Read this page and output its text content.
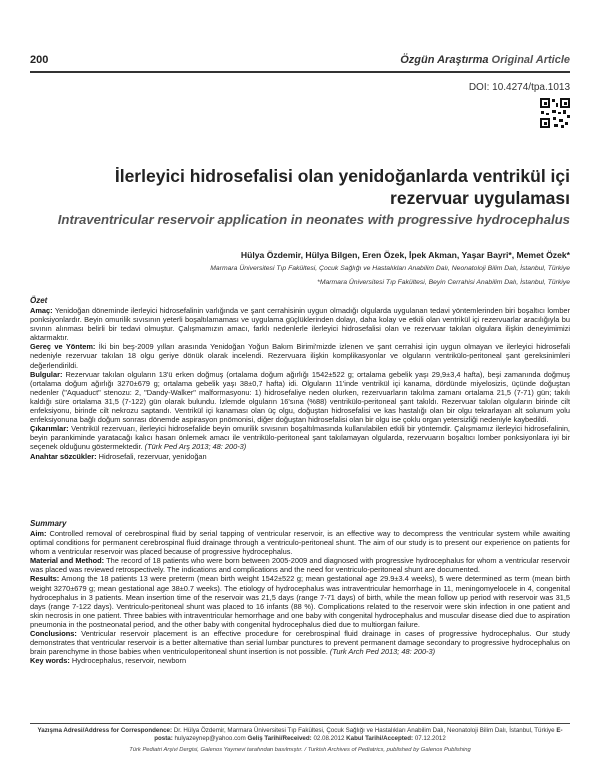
200	Özgün Araştırma Original Article
DOI: 10.4274/tpa.1013
İlerleyici hidrosefalisi olan yenidoğanlarda ventrikül içi rezervuar uygulaması
Intraventricular reservoir application in neonates with progressive hydrocephalus
Hülya Özdemir, Hülya Bilgen, Eren Özek, İpek Akman, Yaşar Bayri*, Memet Özek*
Marmara Üniversitesi Tıp Fakültesi, Çocuk Sağlığı ve Hastalıkları Anabilim Dalı, Neonatoloji Bilim Dalı, İstanbul, Türkiye
*Marmara Üniversitesi Tıp Fakültesi, Beyin Cerrahisi Anabilim Dalı, İstanbul, Türkiye
Özet
Amaç: Yenidoğan döneminde ilerleyici hidrosefalinin varlığında ve şant cerrahisinin uygun olmadığı olgularda uygulanan tedavi yöntemlerinden biri boşaltıcı lomber ponksiyonlardır. Beyin omurilik sıvısının yeterli boşaltılamaması ve uygulama güçlüklerinden dolayı, daha kolay ve etkili olan ventrikül içi rezervuarlar aracılığıyla bu sıvının alınması belirli bir tedavi olmuştur. Çalışmamızın amacı, farklı nedenlerle ilerleyici hidrosefalisi olan ve rezervuar takılan olgulara ilişkin deneyimimizi aktarmaktır.
Gereç ve Yöntem: İki bin beş-2009 yılları arasında Yenidoğan Yoğun Bakım Birimi'mizde izlenen ve şant cerrahisi için uygun olmayan ve ilerleyici hidrosefali nedeniyle rezervuar takılan 18 olgu geriye dönük olarak incelendi. Rezervuara ilişkin komplikasyonlar ve olguların ventrikülo-peritoneal şant gereksinimleri değerlendirildi.
Bulgular: Rezervuar takılan olguların 13'ü erken doğmuş (ortalama doğum ağırlığı 1542±522 g; ortalama gebelik yaşı 29,9±3,4 hafta), beşi zamanında doğmuş (ortalama doğum ağırlığı 3270±679 g; ortalama gebelik yaşı 38±0,7 hafta) idi. Olguların 11'inde ventrikül içi kanama, dördünde miyelosizis, üçünde doğuştan nedenler ("Aquaduct" stenozu: 2, "Dandy-Walker" malformasyonu: 1) hidrosefaliye neden olurken, rezervuarların takılma zamanı ortalama 21,5 (7-71) gün; takılı kaldığı süre ortalama 31,5 (7-122) gün olarak bulundu. İzlemde olguların 16'sına (%88) ventrikülo-peritoneal şant takıldı. Rezervuar takılan olguların birinde cilt enfeksiyonu, birinde cilt nekrozu saptandı. Ventrikül içi kanaması olan üç olgu, doğuştan hidrosefalisi ve kas hastalığı olan bir olgu tekrarlayan alt solunum yolu enfeksiyonuna bağlı doğum sonrası dönemde aspirasyon pnömonisi, diğer doğuştan hidrosefalisi olan bir olgu ise çoklu organ yetersizliği nedeniyle kaybedildi.
Çıkarımlar: Ventrikül rezervuarı, ilerleyici hidrosefalide beyin omurilik sıvısının boşaltılmasında kullanılabilen etkili bir yöntemdir. Çalışmamız ilerleyici hidrosefalinin, beyin parankiminde yaratacağı kalıcı hasarı önlemek amacı ile ventrikülo-peritoneal şant takılamayan olgularda, rezervuarın boşaltıcı lomber ponksiyonlara iyi bir seçenek olduğunu göstermektedir. (Türk Ped Arş 2013; 48: 200-3)
Anahtar sözcükler: Hidrosefali, rezervuar, yenidoğan
Summary
Aim: Controlled removal of cerebrospinal fluid by serial tapping of ventricular reservoir, is an effective way to decompress the ventricular system while awaiting optimal conditions for permanent cerebrospinal fluid drainage through a ventriculo-peritoneal shunt. The aim of our study is to present our experience on patients for whom a ventricular reservoir was placed because of progressive hydrocephalus.
Material and Method: The record of 18 patients who were born between 2005-2009 and diagnosed with progressive hydrocephalus for whom a ventricular reservoir was placed was reviewed retrospectively. The indications and complications and the need for ventriculo-peritoneal shunt are documented.
Results: Among the 18 patients 13 were preterm (mean birth weight 1542±522 g; mean gestational age 29.9±3.4 weeks), 5 were determined as term (mean birth weight 3270±679 g; mean gestational age 38±0.7 weeks). The etiology of hydrocephalus was intraventricular hemorrhage in 11, meningomyelocele in 4, congenital hydrocephalus in 3 patients. Mean insertion time of the reservoir was 21,5 days (range 7-71 days) of birth, while the mean follow up period with reservoir was 31,5 days (range 7-122 days). Ventriculo-peritoneal shunt was placed to 16 infants (88 %). Complications related to the reservoir were skin infection in one patient and skin necrosis in one patient. Three babies with intraventricular hemorrhage and one baby with congenital hydrocephalus and muscular disease died due to aspiration pneumonia in the postneonatal period, and the other baby with congenital hydrocephalus died due to multiorgan failure.
Conclusions: Ventricular reservoir placement is an effective procedure for cerebrospinal fluid drainage in cases of progressive hydrocephalus. Our study demonstrates that ventricular reservoir is a better alternative than serial lumbar punctures to prevent permanent damage secondary to progressive hydrocephalus on brain parenchyme in those babies when ventriculoperitoneal shunt insertion is not possible. (Turk Arch Ped 2013; 48: 200-3)
Key words: Hydrocephalus, reservoir, newborn
Yazışma Adresi/Address for Correspondence: Dr. Hülya Özdemir, Marmara Üniversitesi Tıp Fakültesi, Çocuk Sağlığı ve Hastalıkları Anabilim Dalı, Neonatoloji Bilim Dalı, İstanbul, Türkiye E-posta: hulyazeynep@yahoo.com Geliş Tarihi/Received: 02.08.2012 Kabul Tarihi/Accepted: 07.12.2012
Türk Pediatri Arşivi Dergisi, Galenos Yayınevi tarafından basılmıştır. / Turkish Archives of Pediatrics, published by Galenos Publishing
